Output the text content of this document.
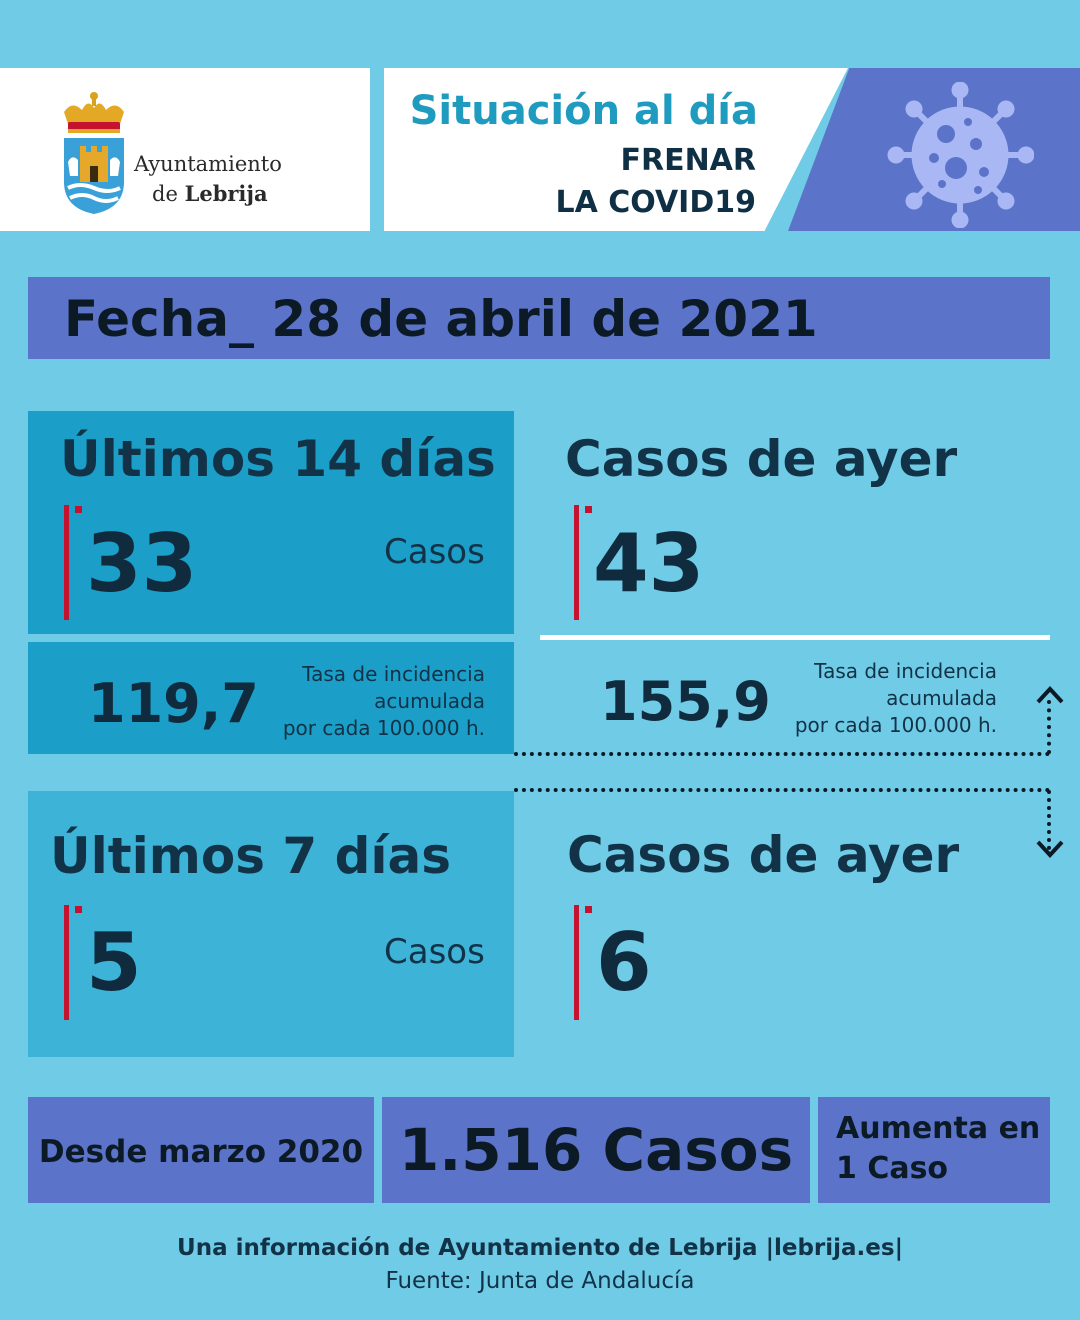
Ayuntamiento
de Lebrija
Situación al día
FRENAR
LA COVID19
Fecha_ 28 de abril de 2021
Últimos 14 días
33	Casos
119,7	Tasa de incidencia
acumulada
por cada 100.000 h.
Casos de ayer
43
155,9	Tasa de incidencia
acumulada
por cada 100.000 h.
Últimos 7 días
5	Casos
Casos de ayer
6
Desde marzo 2020 1.516 Casos	Aumenta en
1 Caso
Una información de Ayuntamiento de Lebrija |lebrija.es|
Fuente: Junta de Andalucía
